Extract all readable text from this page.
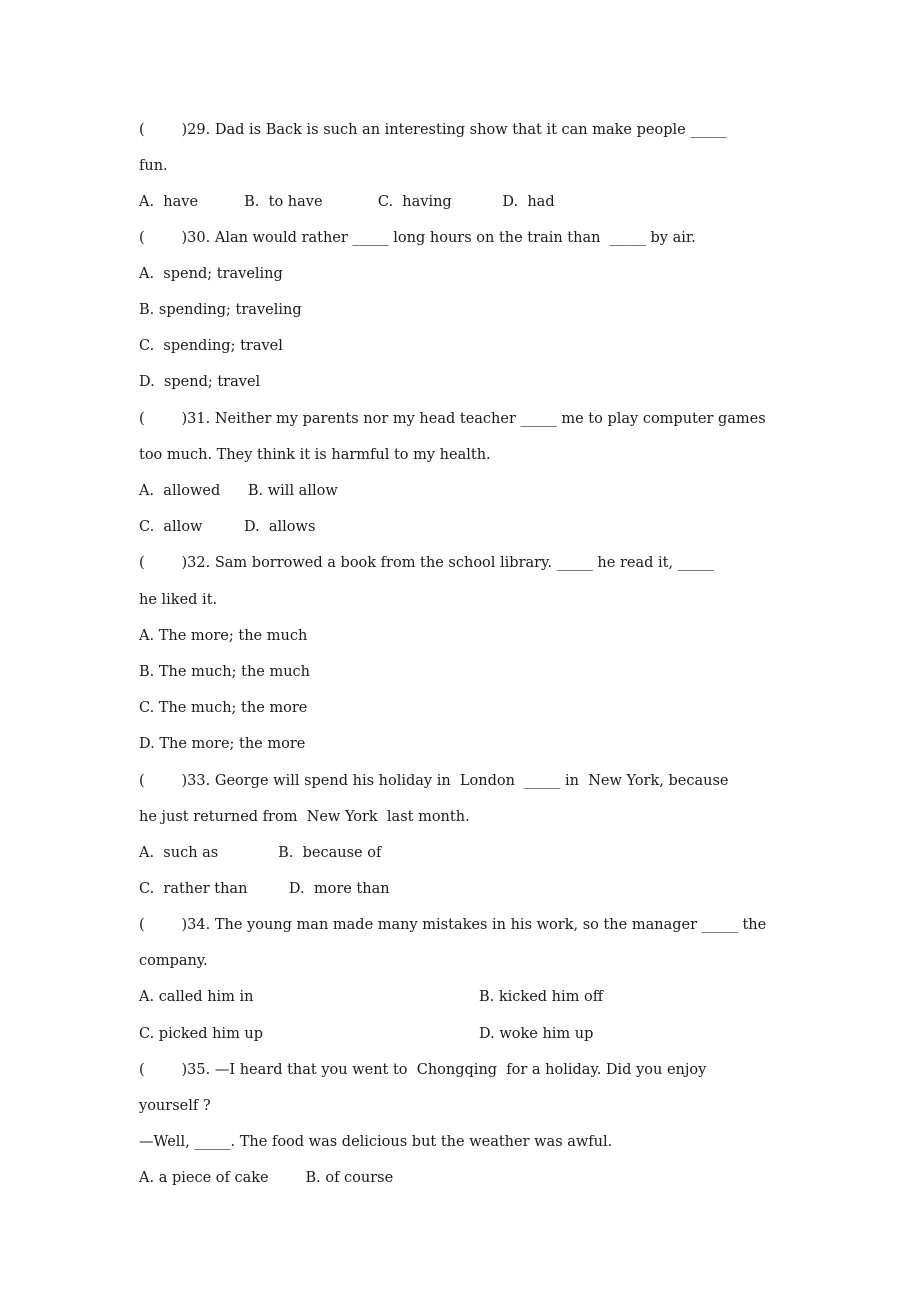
(        )29. Dad is Back is such an interesting show that it can make people _____
fun.
A.  have          B.  to have            C.  having           D.  had
(        )30. Alan would rather _____ long hours on the train than  _____ by air.
A.  spend; traveling
B. spending; traveling
C.  spending; travel
D.  spend; travel
(        )31. Neither my parents nor my head teacher _____ me to play computer games
too much. They think it is harmful to my health.
A.  allowed      B. will allow
C.  allow         D.  allows
(        )32. Sam borrowed a book from the school library. _____ he read it, _____
he liked it.
A. The more; the much
B. The much; the much
C. The much; the more
D. The more; the more
(        )33. George will spend his holiday in  London  _____ in  New York, because
he just returned from  New York  last month.
A.  such as             B.  because of
C.  rather than         D.  more than
(        )34. The young man made many mistakes in his work, so the manager _____ the
company.
A. called him in	B. kicked him off
C. picked him up	D. woke him up
(        )35. —I heard that you went to  Chongqing  for a holiday. Did you enjoy
yourself ?
—Well, _____. The food was delicious but the weather was awful.
A. a piece of cake        B. of course
